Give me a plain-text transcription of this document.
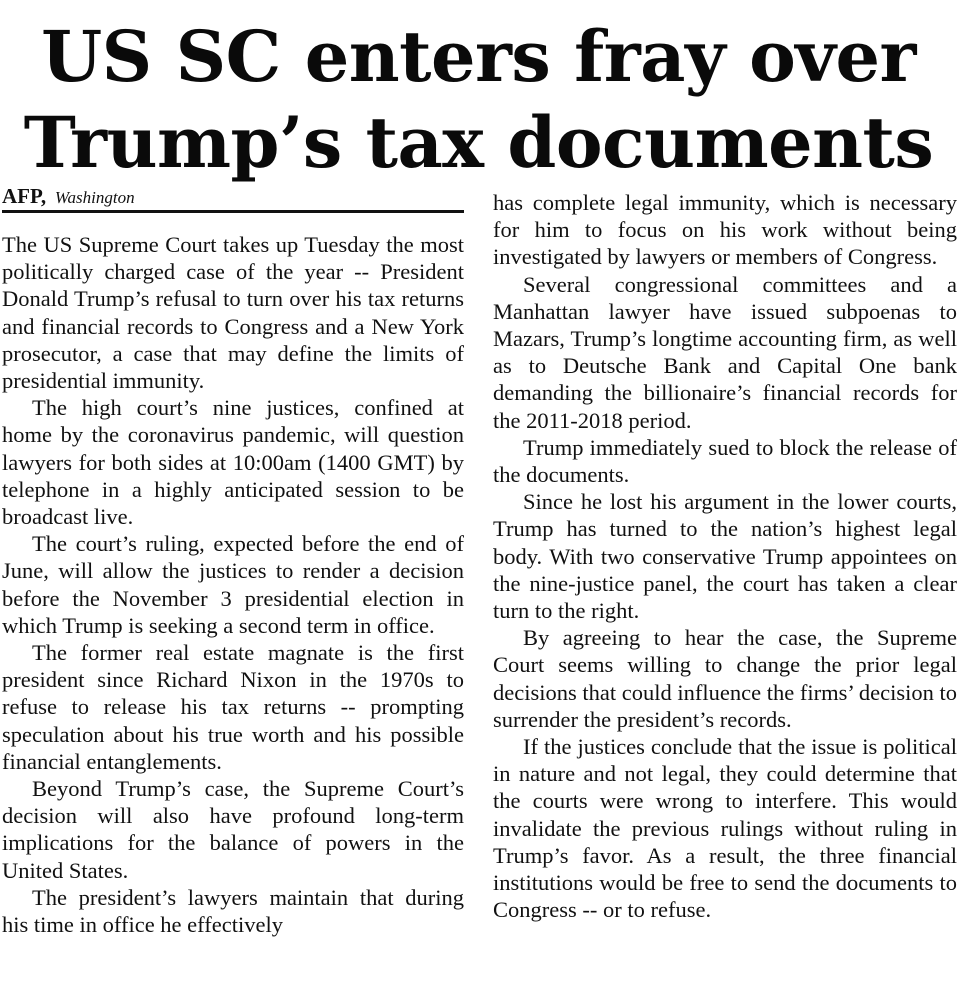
US SC enters fray over
Trump’s tax documents
AFP, Washington

The US Supreme Court takes up Tuesday the most politically charged case of the year -- President Donald Trump’s refusal to turn over his tax returns and financial records to Congress and a New York prosecutor, a case that may define the limits of presidential immunity.

The high court’s nine justices, confined at home by the coronavirus pandemic, will question lawyers for both sides at 10:00am (1400 GMT) by telephone in a highly anticipated session to be broadcast live.

The court’s ruling, expected before the end of June, will allow the justices to render a decision before the November 3 presidential election in which Trump is seeking a second term in office.

The former real estate magnate is the first president since Richard Nixon in the 1970s to refuse to release his tax returns -- prompting speculation about his true worth and his possible financial entanglements.

Beyond Trump’s case, the Supreme Court’s decision will also have profound long-term implications for the balance of powers in the United States.

The president’s lawyers maintain that during his time in office he effectively

has complete legal immunity, which is necessary for him to focus on his work without being investigated by lawyers or members of Congress.

Several congressional committees and a Manhattan lawyer have issued subpoenas to Mazars, Trump’s longtime accounting firm, as well as to Deutsche Bank and Capital One bank demanding the billionaire’s financial records for the 2011-2018 period.

Trump immediately sued to block the release of the documents.

Since he lost his argument in the lower courts, Trump has turned to the nation’s highest legal body. With two conservative Trump appointees on the nine-justice panel, the court has taken a clear turn to the right.

By agreeing to hear the case, the Supreme Court seems willing to change the prior legal decisions that could influence the firms’ decision to surrender the president’s records.

If the justices conclude that the issue is political in nature and not legal, they could determine that the courts were wrong to interfere. This would invalidate the previous rulings without ruling in Trump’s favor. As a result, the three financial institutions would be free to send the documents to Congress -- or to refuse.
